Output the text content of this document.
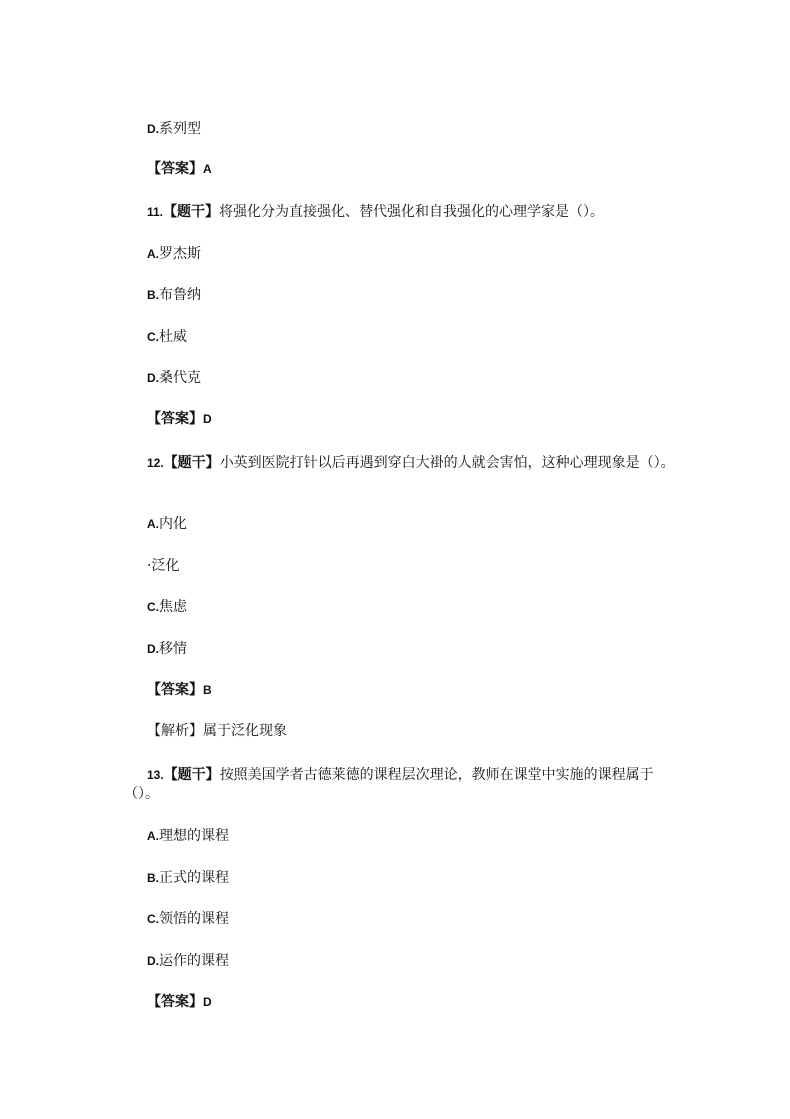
D.系列型
【答案】A
11.【题干】将强化分为直接强化、替代强化和自我强化的心理学家是（）。
A.罗杰斯
B.布鲁纳
C.杜威
D.桑代克
【答案】D
12.【题干】小英到医院打针以后再遇到穿白大褂的人就会害怕，这种心理现象是（）。
A.内化
·泛化
C.焦虑
D.移情
【答案】B
【解析】属于泛化现象
13.【题干】按照美国学者古德莱德的课程层次理论，教师在课堂中实施的课程属于
（）。
A.理想的课程
B.正式的课程
C.领悟的课程
D.运作的课程
【答案】D
